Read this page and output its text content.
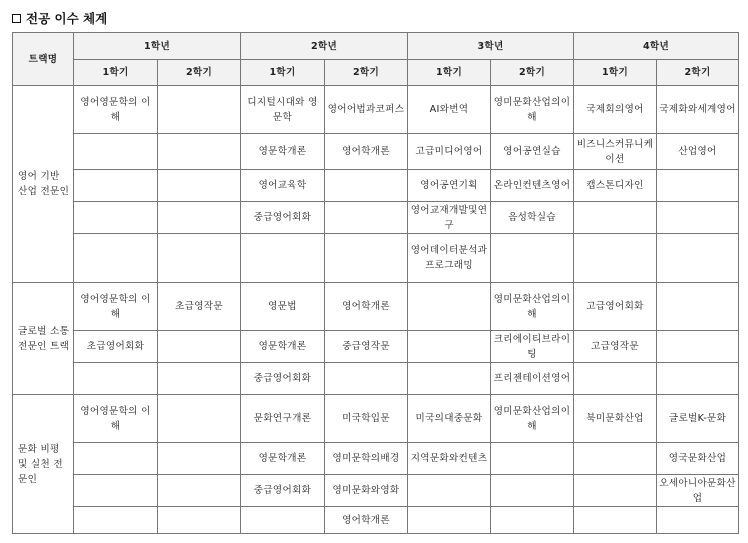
전공 이수 체계
트랙명	1학년		2학년		3학년		4학년	
	1학기	2학기	1학기	2학기	1학기	2학기	1학기	2학기
영어 기반 산업 전문인	영어영문학의 이해		디지털시대와 영문학	영어어법과코퍼스	AI와번역	영미문화산업의이해	국제회의영어	국제화와세계영어
			영문학개론	영어학개론	고급미디어영어	영어공연실습	비즈니스커뮤니케이션	산업영어
			영어교육학		영어공연기획	온라인컨텐츠영어	캡스톤디자인	
			중급영어회화		영어교재개발및연구	음성학실습		
					영어데이터분석과프로그래밍			
글로벌 소통전문인 트랙	영어영문학의 이해	초급영작문	영문법	영어학개론		영미문화산업의이해	고급영어회화	
	초급영어회화		영문학개론	중급영작문		크리에이티브라이팅	고급영작문	
			중급영어회화			프리젠테이션영어		
문화 비평 및 실천 전문인	영어영문학의 이해		문화연구개론	미국학입문	미국의대중문화	영미문화산업의이해	북미문화산업	글로벌K-문화
			영문학개론	영미문학의배경	지역문화와컨텐츠			영국문화산업
			중급영어회화	영미문화와영화				오세아니아문화산업
				영어학개론				
